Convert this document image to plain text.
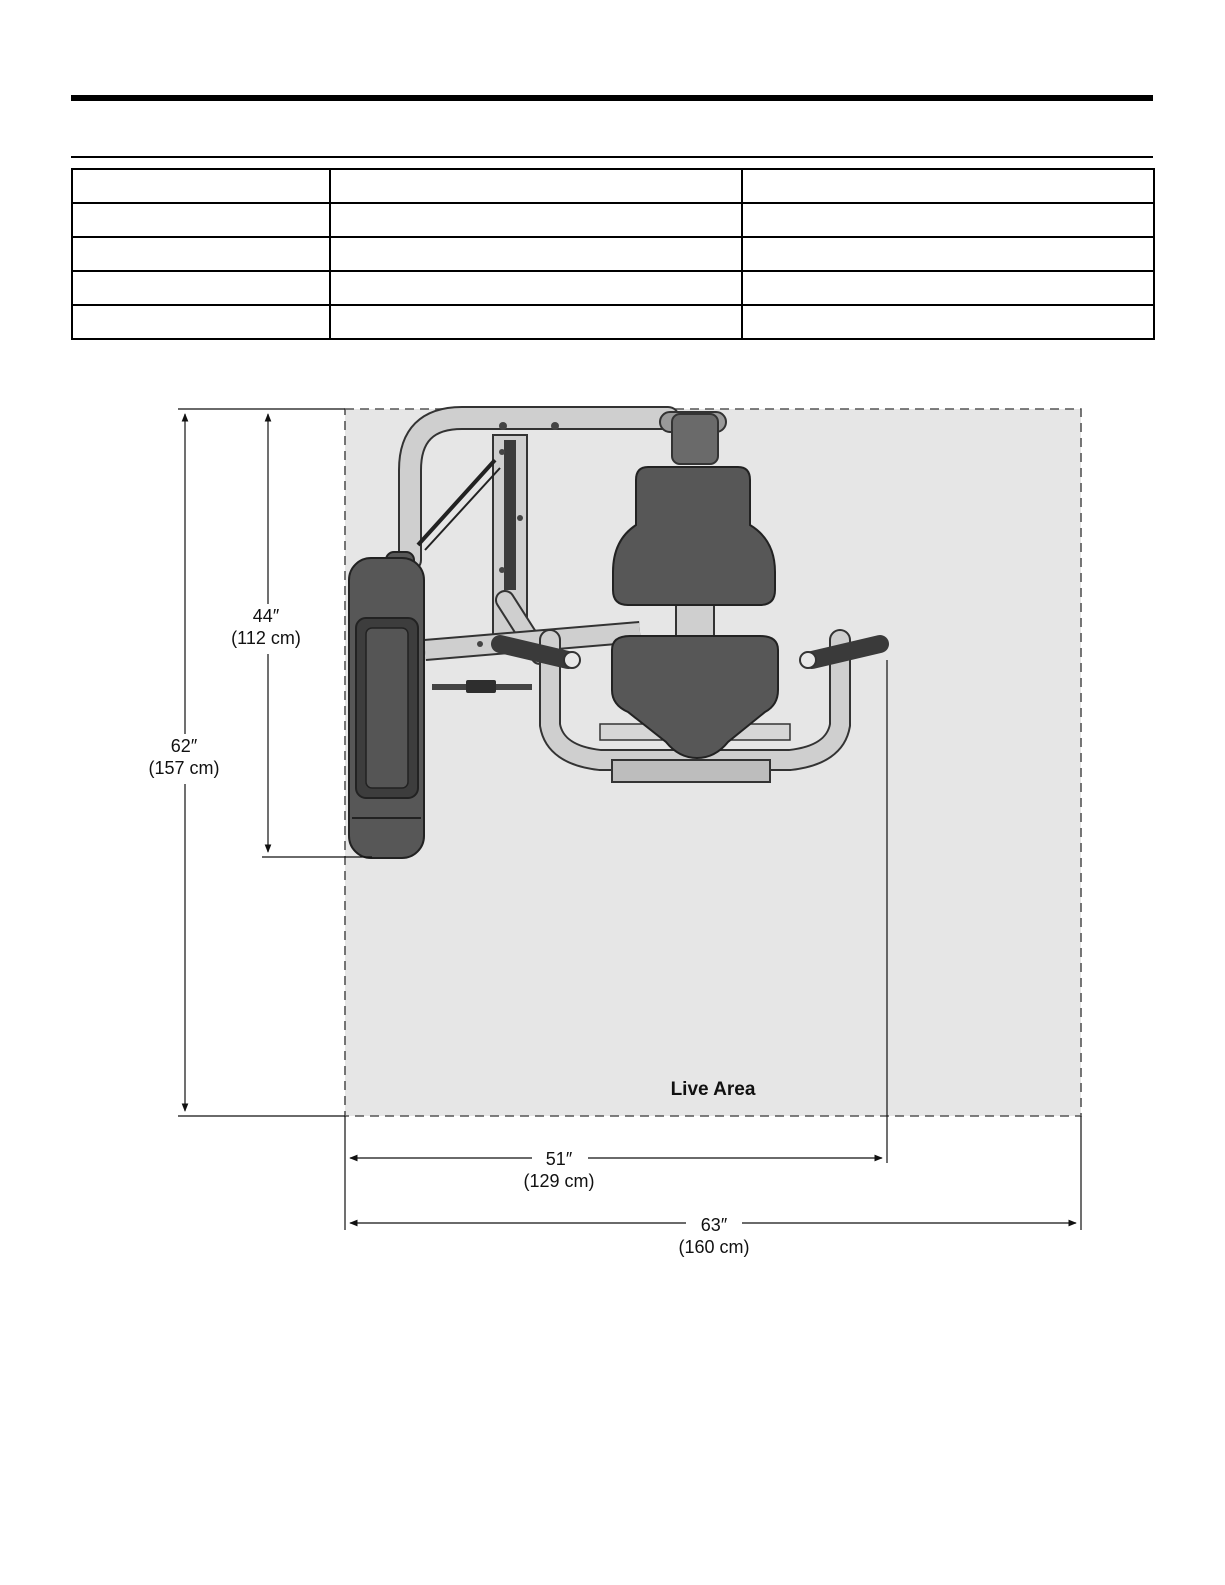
44″
(112 cm)
62″
(157 cm)
Live Area
51″
(129 cm)
63″
(160 cm)
